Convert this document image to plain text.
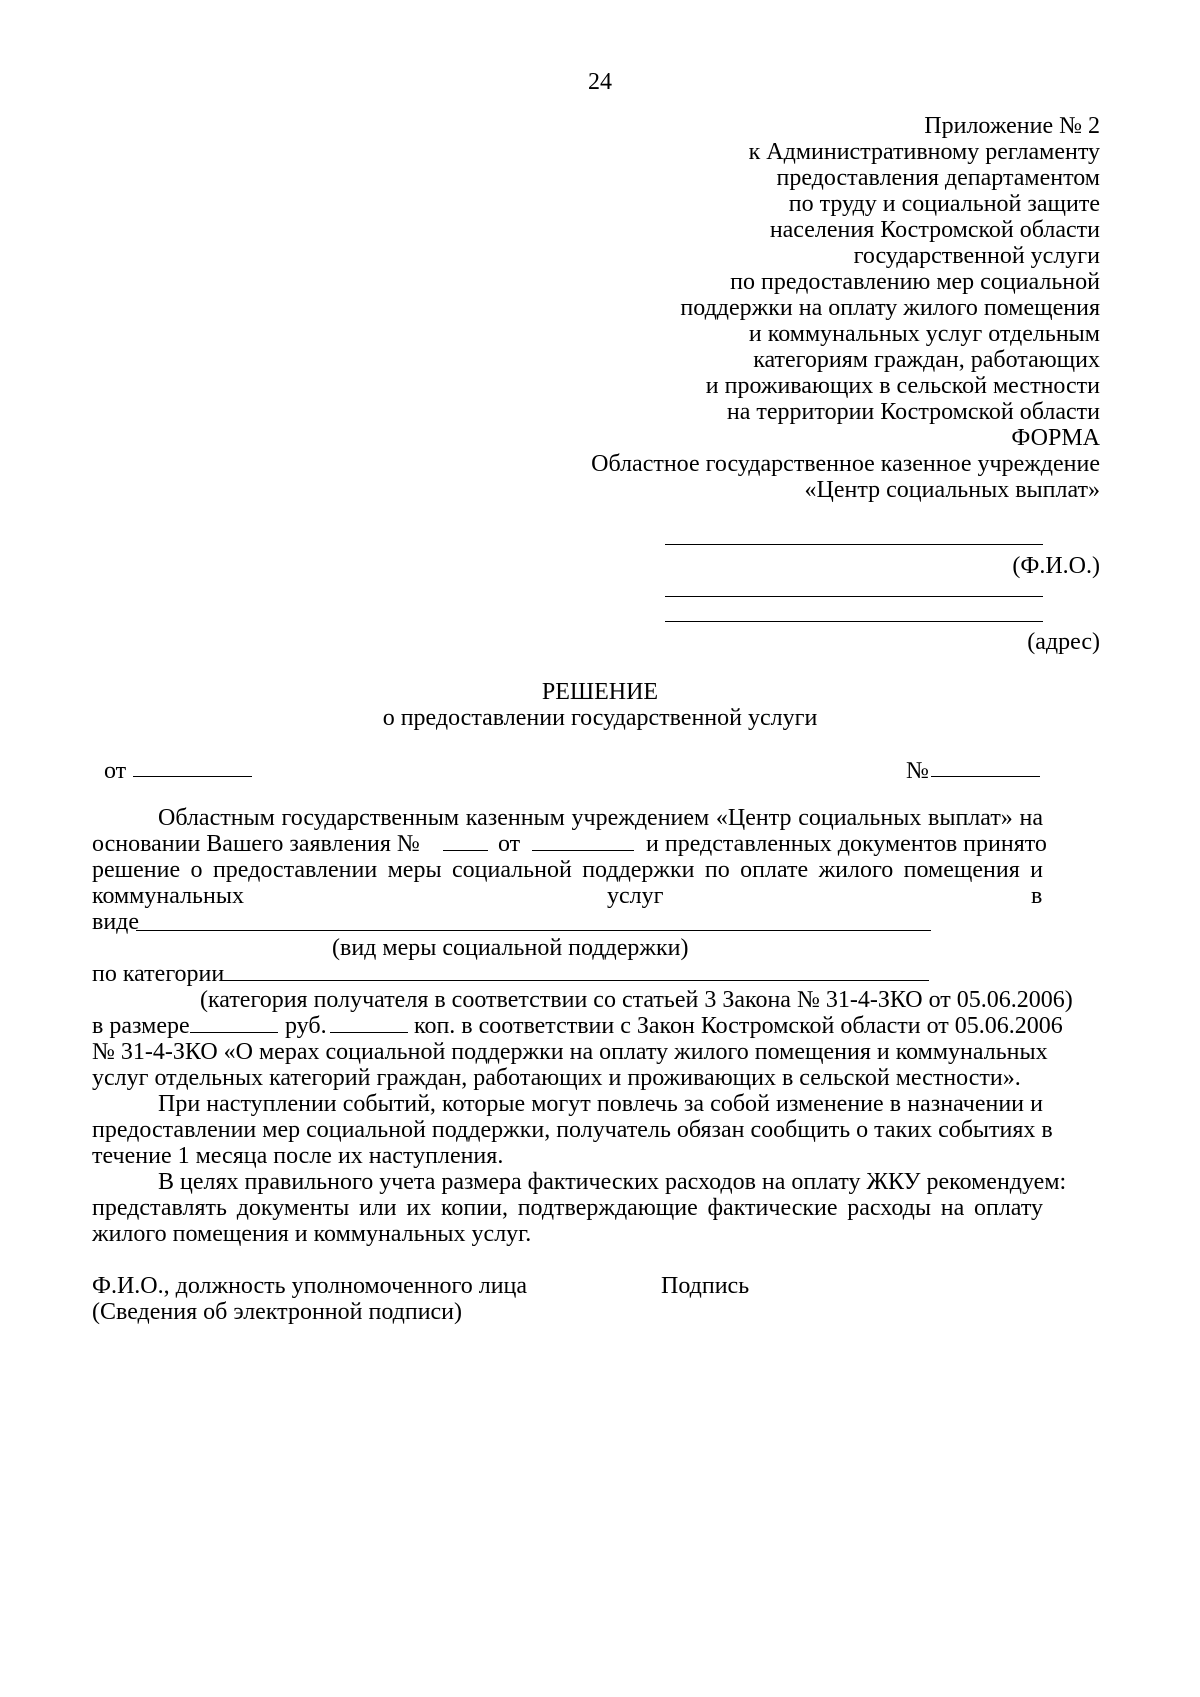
24
Приложение № 2
к Административному регламенту
предоставления департаментом
по труду и социальной защите
населения Костромской области
государственной услуги
по предоставлению мер социальной
поддержки на оплату жилого помещения
и коммунальных услуг отдельным
категориям граждан, работающих
и проживающих в сельской местности
на территории Костромской области
ФОРМА
Областное государственное казенное учреждение
«Центр социальных выплат»
(Ф.И.О.)
(адрес)
РЕШЕНИЕ
о предоставлении государственной услуги
от	№
Областным государственным казенным учреждением «Центр социальных выплат» на
основании Вашего заявления №	от	и представленных документов принято
решение о предоставлении меры социальной поддержки по оплате жилого помещения и
коммунальных	услуг	в
виде
(вид меры социальной поддержки)
по категории
(категория получателя в соответствии со статьей 3 Закона № 31-4-ЗКО от 05.06.2006)
в размере	руб.	коп. в соответствии с Закон Костромской области от 05.06.2006
№ 31-4-ЗКО «О мерах социальной поддержки на оплату жилого помещения и коммунальных
услуг отдельных категорий граждан, работающих и проживающих в сельской местности».
При наступлении событий, которые могут повлечь за собой изменение в назначении и
предоставлении мер социальной поддержки, получатель обязан сообщить о таких событиях в
течение 1 месяца после их наступления.
В целях правильного учета размера фактических расходов на оплату ЖКУ рекомендуем:
представлять документы или их копии, подтверждающие фактические расходы на оплату
жилого помещения и коммунальных услуг.
Ф.И.О., должность уполномоченного лица	Подпись
(Сведения об электронной подписи)
